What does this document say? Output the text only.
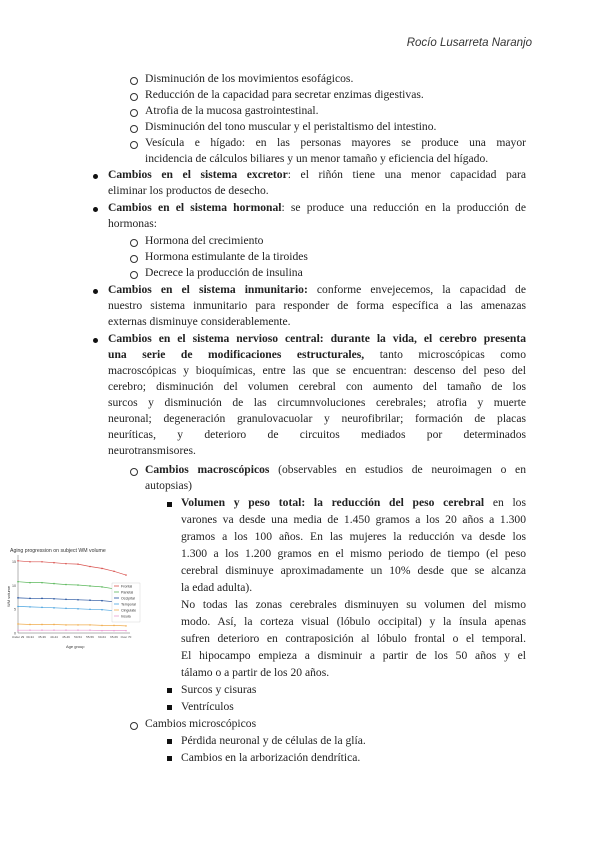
Rocío Lusarreta Naranjo
Disminución de los movimientos esofágicos.
Reducción de la capacidad para secretar enzimas digestivas.
Atrofia de la mucosa gastrointestinal.
Disminución del tono muscular y el peristaltismo del intestino.
Vesícula e hígado: en las personas mayores se produce una mayor
incidencia de cálculos biliares y un menor tamaño y eficiencia del hígado.
Cambios en el sistema excretor: el riñón tiene una menor capacidad para
eliminar los productos de desecho.
Cambios en el sistema hormonal: se produce una reducción en la producción de
hormonas:
Hormona del crecimiento
Hormona estimulante de la tiroides
Decrece la producción de insulina
Cambios en el sistema inmunitario: conforme envejecemos, la capacidad de
nuestro sistema inmunitario para responder de forma específica a las amenazas
externas disminuye considerablemente.
Cambios en el sistema nervioso central: durante la vida, el cerebro presenta
una serie de modificaciones estructurales, tanto microscópicas como
macroscópicas y bioquímicas, entre las que se encuentran: descenso del peso del
cerebro; disminución del volumen cerebral con aumento del tamaño de los
surcos y disminución de las circumnvoluciones cerebrales; atrofia y muerte
neuronal; degeneración granulovacuolar y neurofibrilar; formación de placas
neuríticas, y deterioro de circuitos mediados por determinados
neurotransmisores.
Cambios macroscópicos (observables en estudios de neuroimagen o en
autopsias)
Volumen y peso total: la reducción del peso cerebral en los
varones va desde una media de 1.450 gramos a los 20 años a 1.300
gramos a los 100 años. En las mujeres la reducción va desde los
1.300 a los 1.200 gramos en el mismo periodo de tiempo (el peso
cerebral disminuye aproximadamente un 10% desde que se alcanza
la edad adulta).
No todas las zonas cerebrales disminuyen su volumen del mismo
modo. Así, la corteza visual (lóbulo occipital) y la ínsula apenas
sufren deterioro en contraposición al lóbulo frontal o el temporal.
El hipocampo empieza a disminuir a partir de los 50 años y el
tálamo o a partir de los 20 años.
Surcos y cisuras
Ventrículos
Cambios microscópicos
Pérdida neuronal y de células de la glía.
Cambios en la arborización dendrítica.
Aging progression on subject WM volume
WM volume
Age group
0
5
10
15
Under 29 30-34 35-39 40-44 45-49 50-54 55-59 60-64 65-69 Over 70
Frontal
Parietal
Occipital
Temporal
Cingulate
Insula
